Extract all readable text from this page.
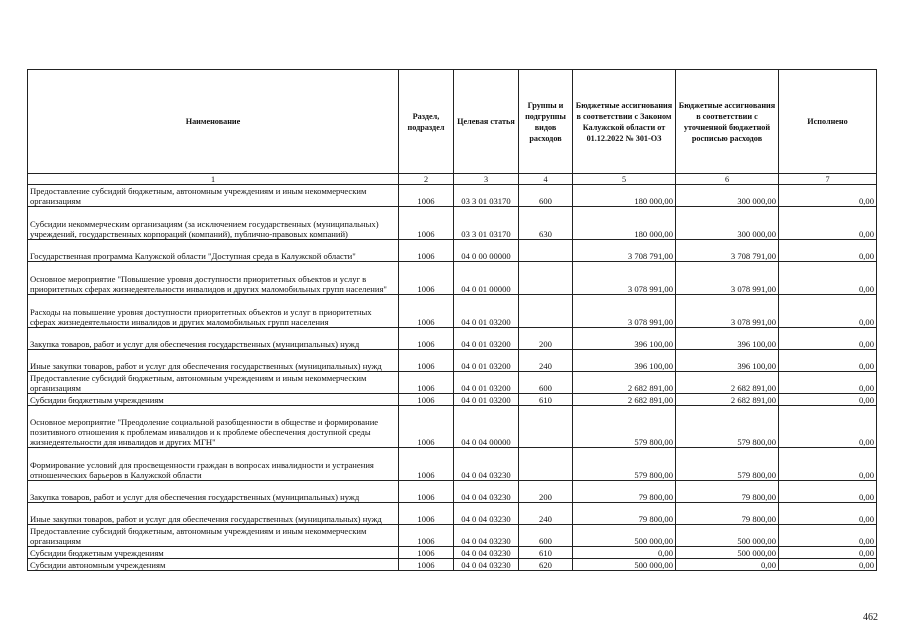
Наименование	Раздел, подраздел	Целевая статья	Группы и подгруппы видов расходов	Бюджетные ассигнования в соответствии с Законом Калужской области от 01.12.2022 № 301-ОЗ	Бюджетные ассигнования в соответствии с уточненной бюджетной росписью расходов	Исполнено
1	2	3	4	5	6	7
Предоставление субсидий бюджетным, автономным учреждениям и иным некоммерческим организациям	1006	03 3 01 03170	600	180 000,00	300 000,00	0,00
Субсидии некоммерческим организациям (за исключением государственных (муниципальных) учреждений, государственных корпораций (компаний), публично-правовых компаний)	1006	03 3 01 03170	630	180 000,00	300 000,00	0,00
Государственная программа Калужской области "Доступная среда в Калужской области"	1006	04 0 00 00000		3 708 791,00	3 708 791,00	0,00
Основное мероприятие "Повышение уровня доступности приоритетных объектов и услуг в приоритетных сферах жизнедеятельности инвалидов и других маломобильных групп населения"	1006	04 0 01 00000		3 078 991,00	3 078 991,00	0,00
Расходы на повышение уровня доступности приоритетных объектов и услуг в приоритетных сферах жизнедеятельности инвалидов и других маломобильных групп населения	1006	04 0 01 03200		3 078 991,00	3 078 991,00	0,00
Закупка товаров, работ и услуг для обеспечения государственных (муниципальных) нужд	1006	04 0 01 03200	200	396 100,00	396 100,00	0,00
Иные закупки товаров, работ и услуг для обеспечения государственных (муниципальных) нужд	1006	04 0 01 03200	240	396 100,00	396 100,00	0,00
Предоставление субсидий бюджетным, автономным учреждениям и иным некоммерческим организациям	1006	04 0 01 03200	600	2 682 891,00	2 682 891,00	0,00
Субсидии бюджетным учреждениям	1006	04 0 01 03200	610	2 682 891,00	2 682 891,00	0,00
Основное мероприятие "Преодоление социальной разобщенности в обществе и формирование позитивного отношения к проблемам инвалидов и к проблеме обеспечения доступной среды жизнедеятельности для инвалидов и других МГН"	1006	04 0 04 00000		579 800,00	579 800,00	0,00
Формирование условий для просвещенности граждан в вопросах инвалидности и устранения отношенческих барьеров в Калужской области	1006	04 0 04 03230		579 800,00	579 800,00	0,00
Закупка товаров, работ и услуг для обеспечения государственных (муниципальных) нужд	1006	04 0 04 03230	200	79 800,00	79 800,00	0,00
Иные закупки товаров, работ и услуг для обеспечения государственных (муниципальных) нужд	1006	04 0 04 03230	240	79 800,00	79 800,00	0,00
Предоставление субсидий бюджетным, автономным учреждениям и иным некоммерческим организациям	1006	04 0 04 03230	600	500 000,00	500 000,00	0,00
Субсидии бюджетным учреждениям	1006	04 0 04 03230	610	0,00	500 000,00	0,00
Субсидии автономным учреждениям	1006	04 0 04 03230	620	500 000,00	0,00	0,00
462
